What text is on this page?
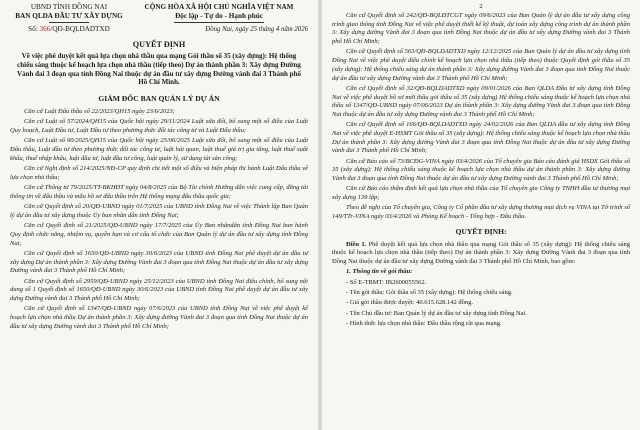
UBND TỈNH ĐỒNG NAI
BAN QLDA ĐẦU TƯ XÂY DỰNG
Số: 366/QĐ-BQLDADTXD
CỘNG HÒA XÃ HỘI CHỦ NGHĨA VIỆT NAM
Độc lập - Tự do - Hạnh phúc
Đồng Nai, ngày 25 tháng 4 năm 2026
QUYẾT ĐỊNH
Về việc phê duyệt kết quả lựa chọn nhà thầu qua mạng Gói thầu số 35 (xây dựng): Hệ thống chiếu sáng thuộc kế hoạch lựa chọn nhà thầu (tiếp theo) Dự án thành phần 3: Xây dựng Đường Vành đai 3 đoạn qua tỉnh Đồng Nai thuộc dự án đầu tư xây dựng Đường vành đai 3 Thành phố Hồ Chí Minh.
GIÁM ĐỐC BAN QUẢN LÝ DỰ ÁN

Căn cứ Luật Đấu thầu số 22/2023/QH15 ngày 23/6/2023;

Căn cứ Luật số 57/2024/QH15 của Quốc hội ngày 29/11/2024 Luật sửa đổi, bổ sung một số điều của Luật Quy hoạch, Luật Đầu tư, Luật Đầu tư theo phương thức đối tác công tư và Luật Đấu thầu;

Căn cứ Luật số 90/2025/QH15 của Quốc hội ngày 25/06/2025 Luật sửa đổi, bổ sung một số điều của Luật Đấu thầu, Luật đầu tư theo phương thức đối tác công tư, luật hải quan, luật thuế giá trị gia tăng, luật thuế xuất khẩu, thuế nhập khẩu, luật đầu tư, luật đầu tư công, luật quản lý, sử dụng tài sản công;

Căn cứ Nghị định số 214/2025/NĐ-CP quy định chi tiết một số điều và biện pháp thi hành Luật Đấu thầu về lựa chọn nhà thầu;

Căn cứ Thông tư 79/2025/TT-BKHĐT ngày 04/8/2025 của Bộ Tài chính Hướng dẫn việc cung cấp, đăng tải thông tin về đấu thầu và mẫu hồ sơ đấu thầu trên Hệ thống mạng đấu thầu quốc gia;

Căn cứ Quyết định số 20/QĐ-UBND ngày 01/7/2025 của UBND tỉnh Đồng Nai về việc Thành lập Ban Quản lý dự án đầu tư xây dựng thuộc Ủy ban nhân dân tỉnh Đồng Nai;

Căn cứ Quyết định số 21/2025/QĐ-UBND ngày 17/7/2025 của Ủy Ban nhândân tỉnh Đồng Nai ban hành Quy định chức năng, nhiệm vụ, quyền hạn và cơ cấu tổ chức của Ban Quản lý dự án đầu tư xây dựng tỉnh Đồng Nai;

Căn cứ Quyết định số 1650/QĐ-UBND ngày 30/6/2023 của UBND tỉnh Đồng Nai phê duyệt dự án đầu tư xây dựng Dự án thành phần 3: Xây dựng Đường Vành đai 3 đoạn qua tỉnh Đồng Nai thuộc dự án đầu tư xây dựng Đường vành đai 3 Thành phố Hồ Chí Minh;

Căn cứ Quyết định số 2959/QĐ-UBND ngày 25/12/2023 của UBND tỉnh Đồng Nai điều chỉnh, bổ sung nội dung số 1 Quyết định số 1650/QĐ-UBND ngày 30/6/2023 của UBND tỉnh Đồng Nai phê duyệt dự án đầu tư xây dựng Đường vành đai 3 Thành phố Hồ Chí Minh;

Căn cứ Quyết định số 1347/QĐ-UBND ngày 07/6/2023 của UBND tỉnh Đồng Nai về việc phê duyệt kế hoạch lựa chọn nhà thầu Dự án thành phần 3: Xây dựng đường Vành đai 3 đoạn qua tỉnh Đồng Nai thuộc dự án đầu tư xây dựng Đường vành đai 3 Thành phố Hồ Chí Minh;

2

Căn cứ Quyết định số 242/QĐ-BQLĐTCGT ngày 09/6/2023 của Ban Quản lý dự án đầu tư xây dựng công trình giao thông tỉnh Đồng Nai về việc phê duyệt thiết kế kỹ thuật, dự toán xây dựng công trình dự án thành phần 3: Xây dựng đường Vành đai 3 đoạn qua tỉnh Đồng Nai thuộc dự án đầu tư xây dựng Đường vành đai 3 Thành phố Hồ Chí Minh;

Căn cứ Quyết định số 563/QĐ-BQLDADTXD ngày 12/12/2025 của Ban Quản lý dự án đầu tư xây dựng tỉnh Đồng Nai về việc phê duyệt điều chỉnh kế hoạch lựa chọn nhà thầu (tiếp theo) thuộc Quyết định gói thầu số 35 (xây dựng): Hệ thống chiếu sáng dự án thành phần 3: Xây dựng đường Vành đai 3 đoạn qua tỉnh Đồng Nai thuộc dự án đầu tư xây dựng Đường vành đai 3 Thành phố Hồ Chí Minh;

Căn cứ Quyết định số 32/QĐ-BQLDADTXD ngày 09/01/2026 của Ban QLDA Đầu tư xây dựng tỉnh Đồng Nai về việc phê duyệt hồ sơ mời thầu gói thầu số 35 (xây dựng) Hệ thống chiếu sáng thuộc kế hoạch lựa chọn nhà thầu số 1347/QĐ-UBND ngày 07/06/2023 Dự án thành phần 3: Xây dựng đường Vành đai 3 đoạn qua tỉnh Đồng Nai thuộc dự án đầu tư xây dựng Đường vành đai 3 Thành phố Hồ Chí Minh;

Căn cứ Quyết định số 166/QĐ-BQLDADTXD ngày 24/02/2026 của Ban QLDA đầu tư xây dựng tỉnh Đồng Nai về việc phê duyệt E-HSMT Gói thầu số 35 (xây dựng): Hệ thống chiếu sáng thuộc kế hoạch lựa chọn nhà thầu Dự án thành phần 3: Xây dựng đường Vành đai 3 đoạn qua tỉnh Đồng Nai thuộc dự án đầu tư xây dựng Đường vành đai 3 Thành phố Hồ Chí Minh;

Căn cứ Báo cáo số 73/BCĐG-VINA ngày 03/4/2026 của Tổ chuyên gia Báo cáo đánh giá HSDX Gói thầu số 35 (xây dựng): Hệ thống chiếu sáng thuộc kế hoạch lựa chọn nhà thầu dự án thành phần 3: Xây dựng đường Vành đai 3 đoạn qua tỉnh Đồng Nai thuộc dự án đầu tư xây dựng Đường vành đai 3 Thành phố Hồ Chí Minh;

Căn cứ Báo cáo thẩm định kết quả lựa chọn nhà thầu của Tổ chuyên gia Công ty TNHH đầu tư thương mại xây dựng 139 lập;

Theo đề nghị của Tổ chuyên gia, Công ty Cổ phần đầu tư xây dựng thương mại dịch vụ VINA tại Tờ trình số 149/TTr-VINA ngày 03/4/2026 và Phòng Kế hoạch - Tổng hợp - Đấu thầu.

QUYẾT ĐỊNH:

Điều 1. Phê duyệt kết quả lựa chọn nhà thầu qua mạng Gói thầu số 35 (xây dựng): Hệ thống chiếu sáng thuộc kế hoạch lựa chọn nhà thầu (tiếp theo) Dự án thành phần 3: Xây dựng Đường Vành đai 3 đoạn qua tỉnh Đồng Nai thuộc dự án đầu tư xây dựng Đường vành đai 3 Thành phố Hồ Chí Minh, bao gồm:

1. Thông tin về gói thầu:

- Số E-TBMT: IB2600055562.

- Tên gói thầu: Gói thầu số 35 (xây dựng): Hệ thống chiếu sáng.

- Giá gói thầu được duyệt: 40.615.628.142 đồng.

- Tên Chủ đầu tư: Ban Quản lý dự án đầu tư xây dựng tỉnh Đồng Nai.

- Hình thức lựa chọn nhà thầu: Đấu thầu rộng rãi qua mạng.
